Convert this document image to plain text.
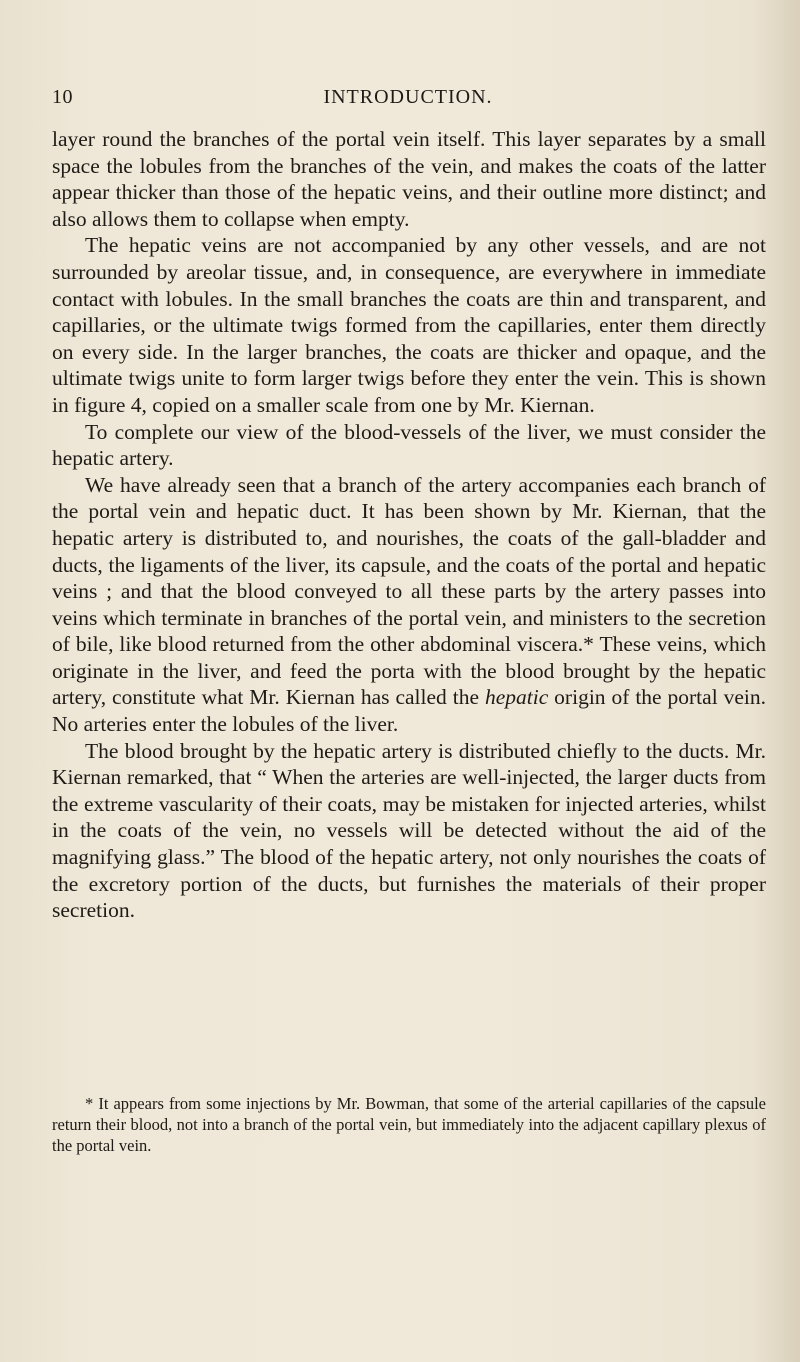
10	INTRODUCTION.

layer round the branches of the portal vein itself. This layer separates by a small space the lobules from the branches of the vein, and makes the coats of the latter appear thicker than those of the hepatic veins, and their outline more distinct; and also allows them to collapse when empty.

The hepatic veins are not accompanied by any other vessels, and are not surrounded by areolar tissue, and, in consequence, are everywhere in immediate contact with lobules. In the small branches the coats are thin and transparent, and capillaries, or the ultimate twigs formed from the capillaries, enter them directly on every side. In the larger branches, the coats are thicker and opaque, and the ultimate twigs unite to form larger twigs before they enter the vein. This is shown in figure 4, copied on a smaller scale from one by Mr. Kiernan.

To complete our view of the blood-vessels of the liver, we must consider the hepatic artery.

We have already seen that a branch of the artery accompanies each branch of the portal vein and hepatic duct. It has been shown by Mr. Kiernan, that the hepatic artery is distributed to, and nourishes, the coats of the gall-bladder and ducts, the ligaments of the liver, its capsule, and the coats of the portal and hepatic veins ; and that the blood conveyed to all these parts by the artery passes into veins which terminate in branches of the portal vein, and ministers to the secretion of bile, like blood returned from the other abdominal viscera.* These veins, which originate in the liver, and feed the porta with the blood brought by the hepatic artery, constitute what Mr. Kiernan has called the hepatic origin of the portal vein. No arteries enter the lobules of the liver.

The blood brought by the hepatic artery is distributed chiefly to the ducts. Mr. Kiernan remarked, that “ When the arteries are well-injected, the larger ducts from the extreme vascularity of their coats, may be mistaken for injected arteries, whilst in the coats of the vein, no vessels will be detected without the aid of the magnifying glass.” The blood of the hepatic artery, not only nourishes the coats of the excretory portion of the ducts, but furnishes the materials of their proper secretion.

* It appears from some injections by Mr. Bowman, that some of the arterial capillaries of the capsule return their blood, not into a branch of the portal vein, but immediately into the adjacent capillary plexus of the portal vein.
